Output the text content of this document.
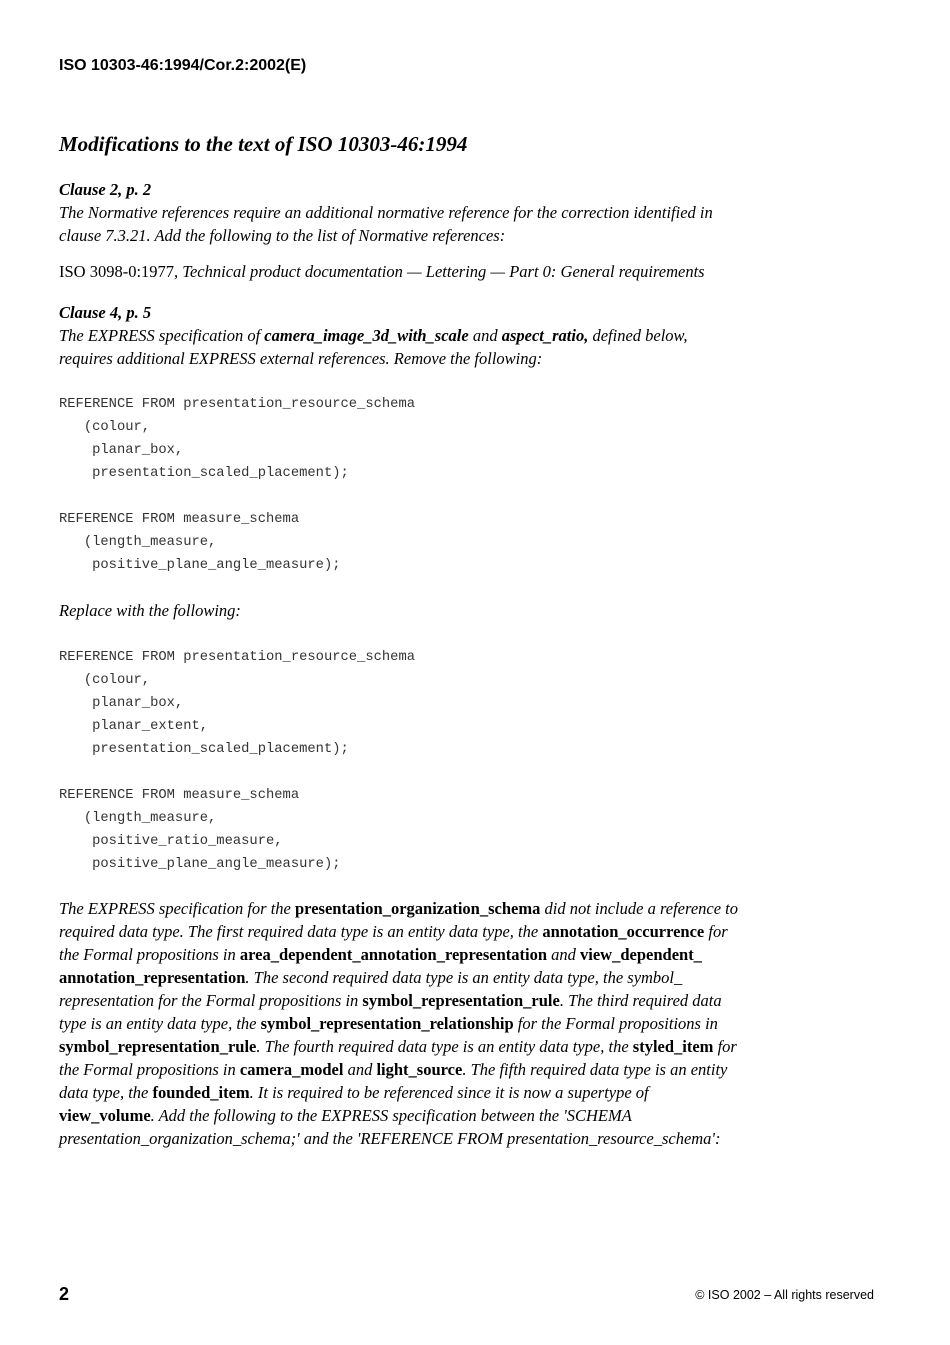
ISO 10303-46:1994/Cor.2:2002(E)
Modifications to the text of ISO 10303-46:1994
Clause 2, p. 2
The Normative references require an additional normative reference for the correction identified in
clause 7.3.21. Add the following to the list of Normative references:
ISO 3098-0:1977, Technical product documentation — Lettering — Part 0: General requirements
Clause 4, p. 5
The EXPRESS specification of camera_image_3d_with_scale and aspect_ratio, defined below,
requires additional EXPRESS external references. Remove the following:
REFERENCE FROM presentation_resource_schema
(colour,
planar_box,
presentation_scaled_placement);

REFERENCE FROM measure_schema
(length_measure,
positive_plane_angle_measure);
Replace with the following:
REFERENCE FROM presentation_resource_schema
(colour,
planar_box,
planar_extent,
presentation_scaled_placement);

REFERENCE FROM measure_schema
(length_measure,
positive_ratio_measure,
positive_plane_angle_measure);
The EXPRESS specification for the presentation_organization_schema did not include a reference to
required data type. The first required data type is an entity data type, the annotation_occurrence for
the Formal propositions in area_dependent_annotation_representation and view_dependent_
annotation_representation. The second required data type is an entity data type, the symbol_
representation for the Formal propositions in symbol_representation_rule. The third required data
type is an entity data type, the symbol_representation_relationship for the Formal propositions in
symbol_representation_rule. The fourth required data type is an entity data type, the styled_item for
the Formal propositions in camera_model and light_source. The fifth required data type is an entity
data type, the founded_item. It is required to be referenced since it is now a supertype of
view_volume. Add the following to the EXPRESS specification between the 'SCHEMA
presentation_organization_schema;' and the 'REFERENCE FROM presentation_resource_schema':
2	© ISO 2002 – All rights reserved
